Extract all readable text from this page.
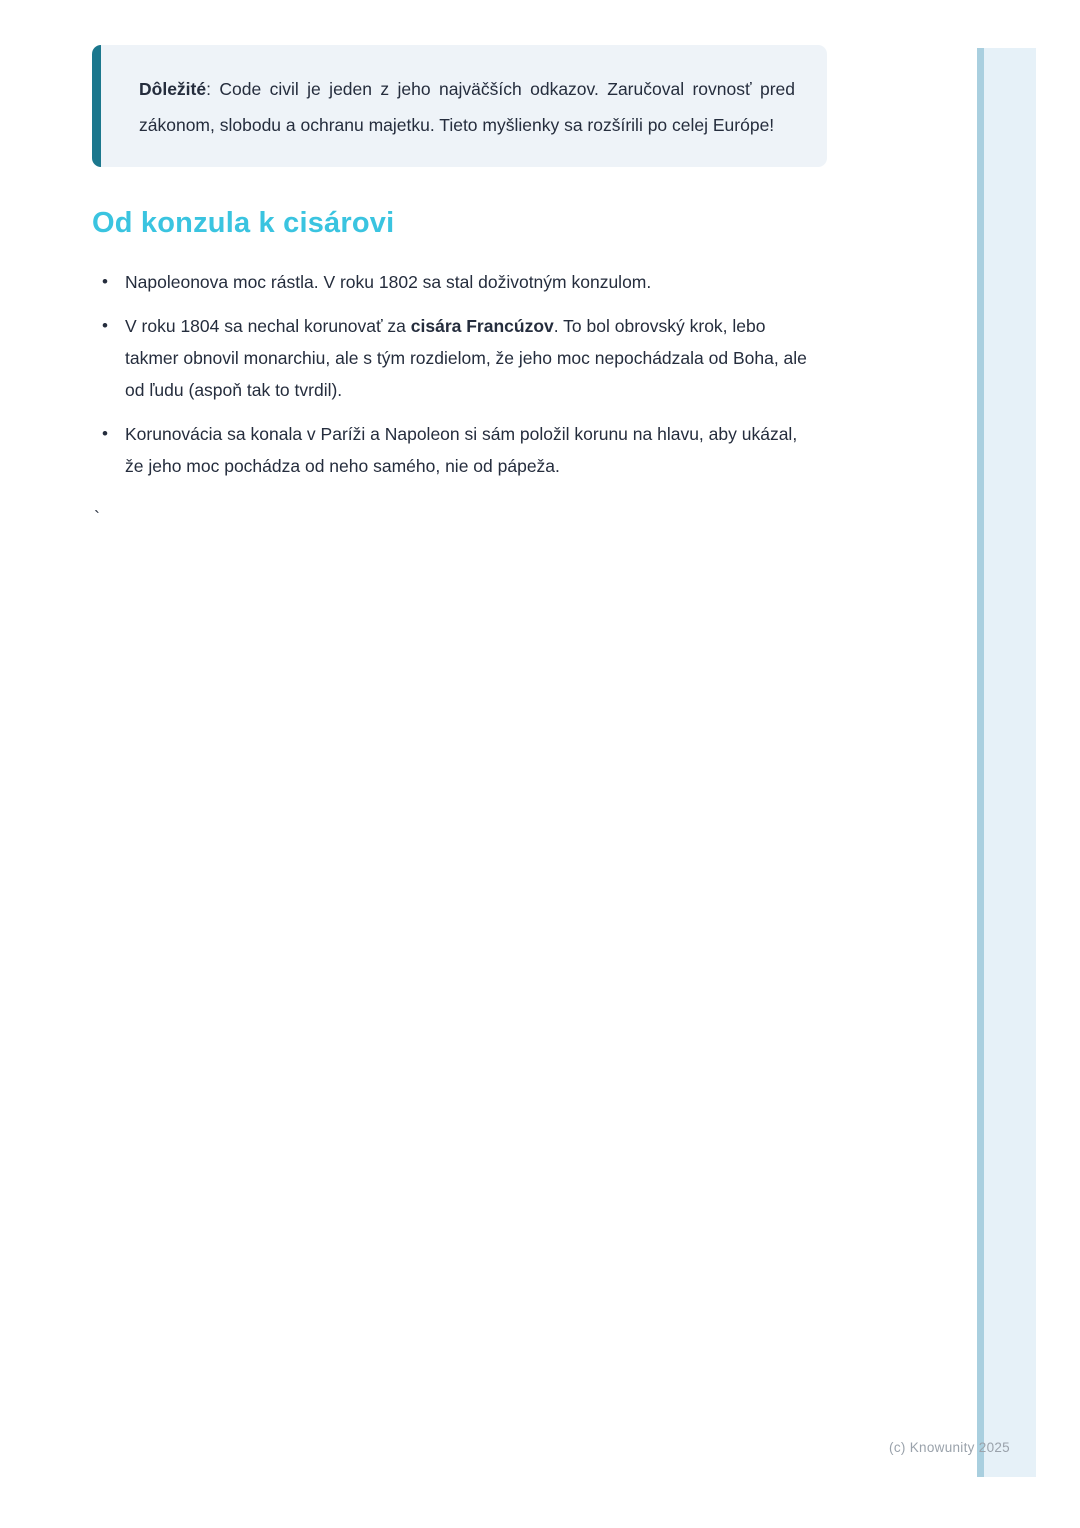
Dôležité: Code civil je jeden z jeho najväčších odkazov. Zaručoval rovnosť pred zákonom, slobodu a ochranu majetku. Tieto myšlienky sa rozšírili po celej Európe!
Od konzula k cisárovi
• Napoleonova moc rástla. V roku 1802 sa stal doživotným konzulom.
• V roku 1804 sa nechal korunovať za cisára Francúzov. To bol obrovský krok, lebo takmer obnovil monarchiu, ale s tým rozdielom, že jeho moc nepochádzala od Boha, ale od ľudu (aspoň tak to tvrdil).
• Korunovácia sa konala v Paríži a Napoleon si sám položil korunu na hlavu, aby ukázal, že jeho moc pochádza od neho samého, nie od pápeža.
`
(c) Knowunity 2025
